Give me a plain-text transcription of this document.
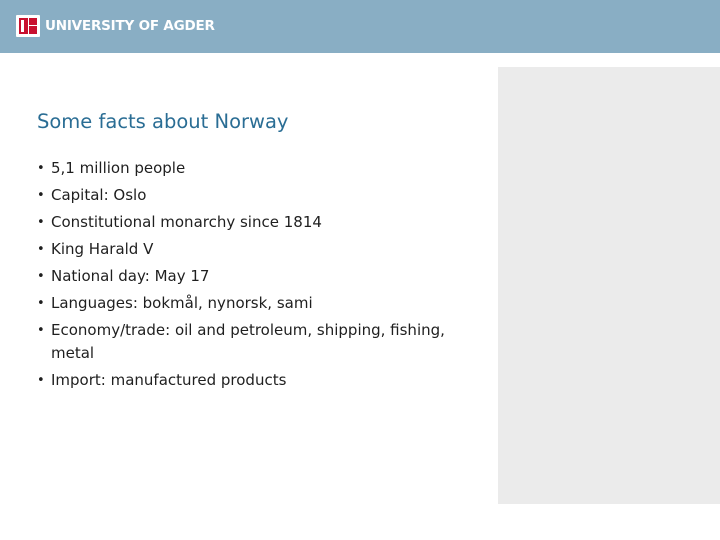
UNIVERSITY OF AGDER
Some facts about Norway
• 5,1 million people
• Capital: Oslo
• Constitutional monarchy since 1814
• King Harald V
• National day: May 17
• Languages: bokmål, nynorsk, sami
• Economy/trade: oil and petroleum, shipping, fishing, metal
• Import: manufactured products
